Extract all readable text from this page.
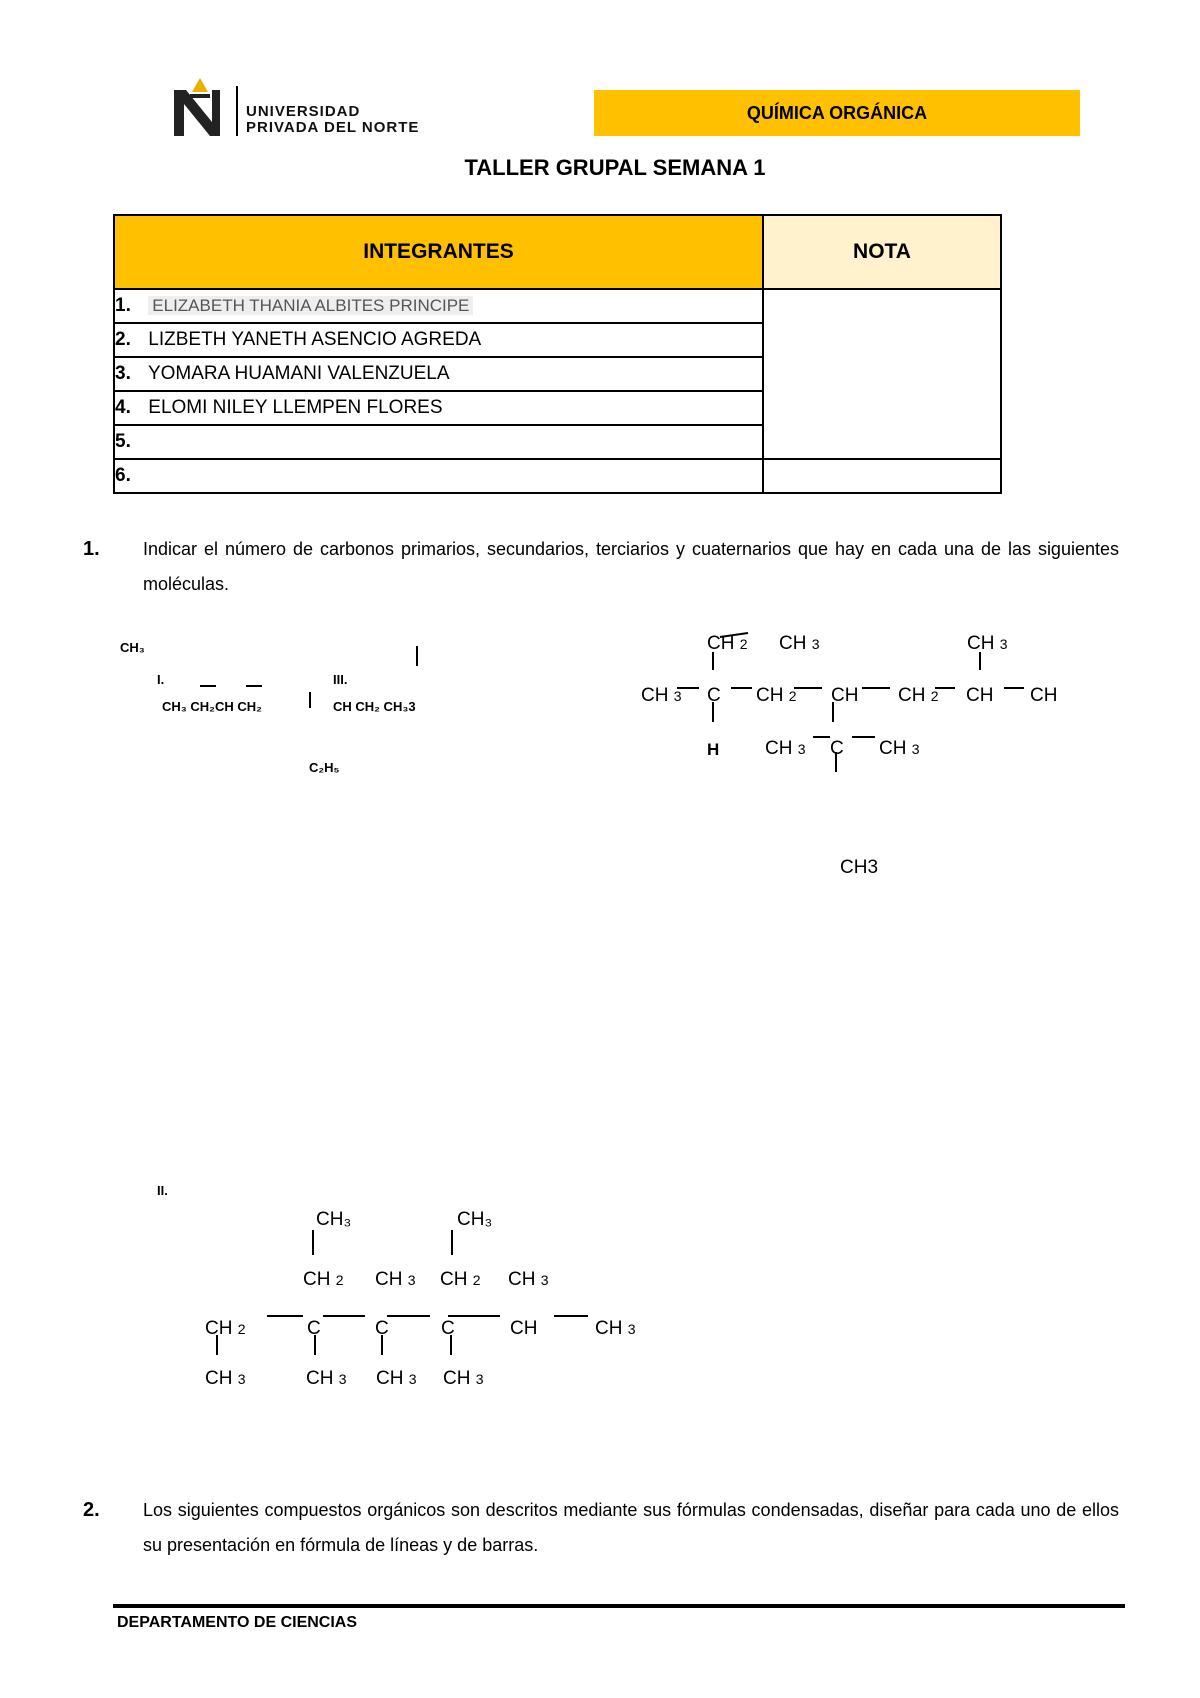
UNIVERSIDAD
PRIVADA DEL NORTE
QUÍMICA ORGÁNICA
TALLER GRUPAL SEMANA 1
INTEGRANTES	NOTA
1. ELIZABETH THANIA ALBITES PRINCIPE	
2. LIZBETH YANETH ASENCIO AGREDA	
3. YOMARA HUAMANI VALENZUELA	
4. ELOMI NILEY LLEMPEN FLORES	
5.	
6.	
1. Indicar el número de carbonos primarios, secundarios, terciarios y cuaternarios que hay en cada una de las siguientes moléculas.
CH₃
I.	III.
CH₃ CH₂CH CH₂	CH CH₂ CH₃3
C₂H₅
CH 2 CH 3	CH 3
CH 3 C CH 2 CH CH 2 CH CH
H CH 3 C CH 3
CH3
II.
CH₃	CH₃
CH 2 CH 3 CH 2 CH 3
CH 2	C	C	C	CH	CH 3
CH 3	CH 3 CH 3 CH 3
2. Los siguientes compuestos orgánicos son descritos mediante sus fórmulas condensadas, diseñar para cada uno de ellos su presentación en fórmula de líneas y de barras.
DEPARTAMENTO DE CIENCIAS
